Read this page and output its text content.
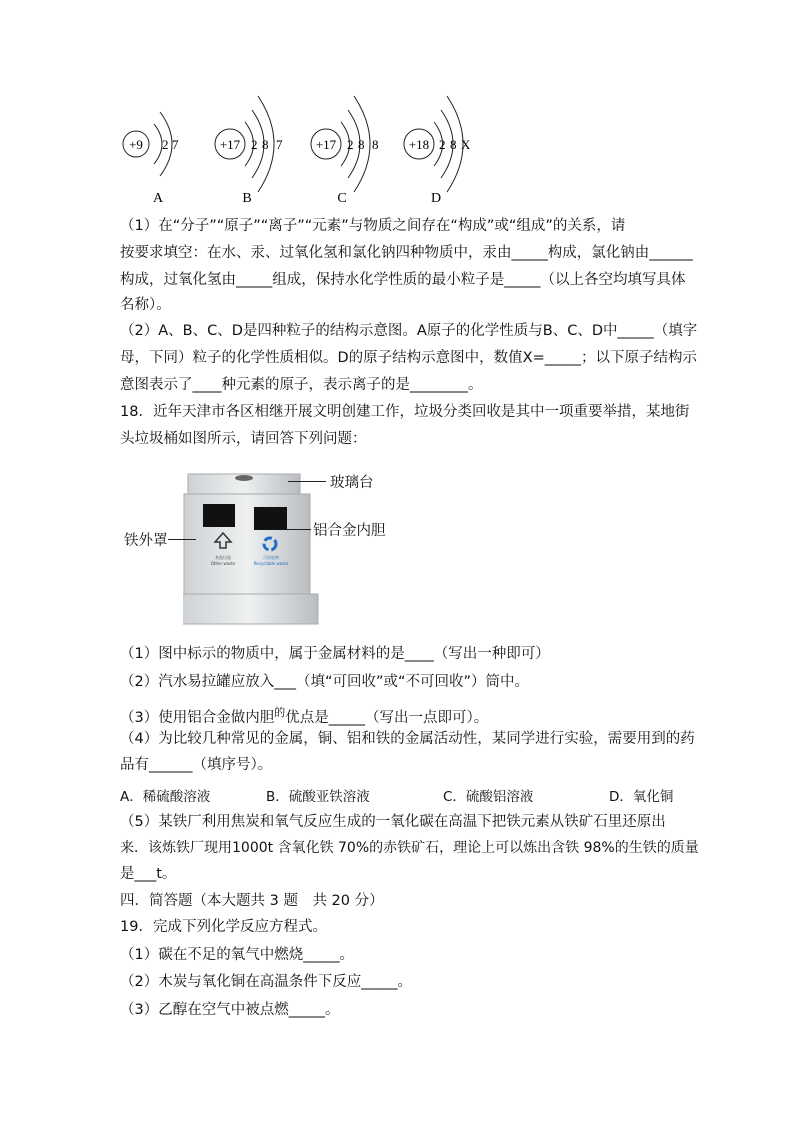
+9 2 7
A
+17 2 8 7
B
+17 2 8 8
C
+18 2 8 X
D
（1）在“分子”“原子”“离子”“元素”与物质之间存在“构成”或“组成”的关系，请
按要求填空：在水、汞、过氧化氢和氯化钠四种物质中，汞由_____构成，氯化钠由______
构成，过氧化氢由_____组成，保持水化学性质的最小粒子是_____（以上各空均填写具体
名称）。
（2）A、B、C、D是四种粒子的结构示意图。A原子的化学性质与B、C、D中_____（填字
母，下同）粒子的化学性质相似。D的原子结构示意图中，数值X=_____；以下原子结构示
意图表示了____种元素的原子，表示离子的是________。
18．近年天津市各区相继开展文明创建工作，垃圾分类回收是其中一项重要举措，某地街
头垃圾桶如图所示，请回答下列问题：
其他垃圾
Other waste
可回收物
Recyclable waste
玻璃台
铝合金内胆
铁外罩
（1）图中标示的物质中，属于金属材料的是____（写出一种即可）
（2）汽水易拉罐应放入___（填“可回收”或“不可回收”）筒中。
（3）使用铝合金做内胆$^的$优点是_____（写出一点即可）。
（4）为比较几种常见的金属，铜、铝和铁的金属活动性，某同学进行实验，需要用到的药
品有______（填序号）。
A．稀硫酸溶液	B．硫酸亚铁溶液	C．硫酸铝溶液	D．氧化铜
（5）某铁厂利用焦炭和氧气反应生成的一氧化碳在高温下把铁元素从铁矿石里还原出
来．该炼铁厂现用1000t 含氧化铁 70%的赤铁矿石，理论上可以炼出含铁 98%的生铁的质量
是___t。
四．简答题（本大题共 3 题　共 20 分）
19．完成下列化学反应方程式。
（1）碳在不足的氧气中燃烧_____。
（2）木炭与氧化铜在高温条件下反应_____。
（3）乙醇在空气中被点燃_____。
